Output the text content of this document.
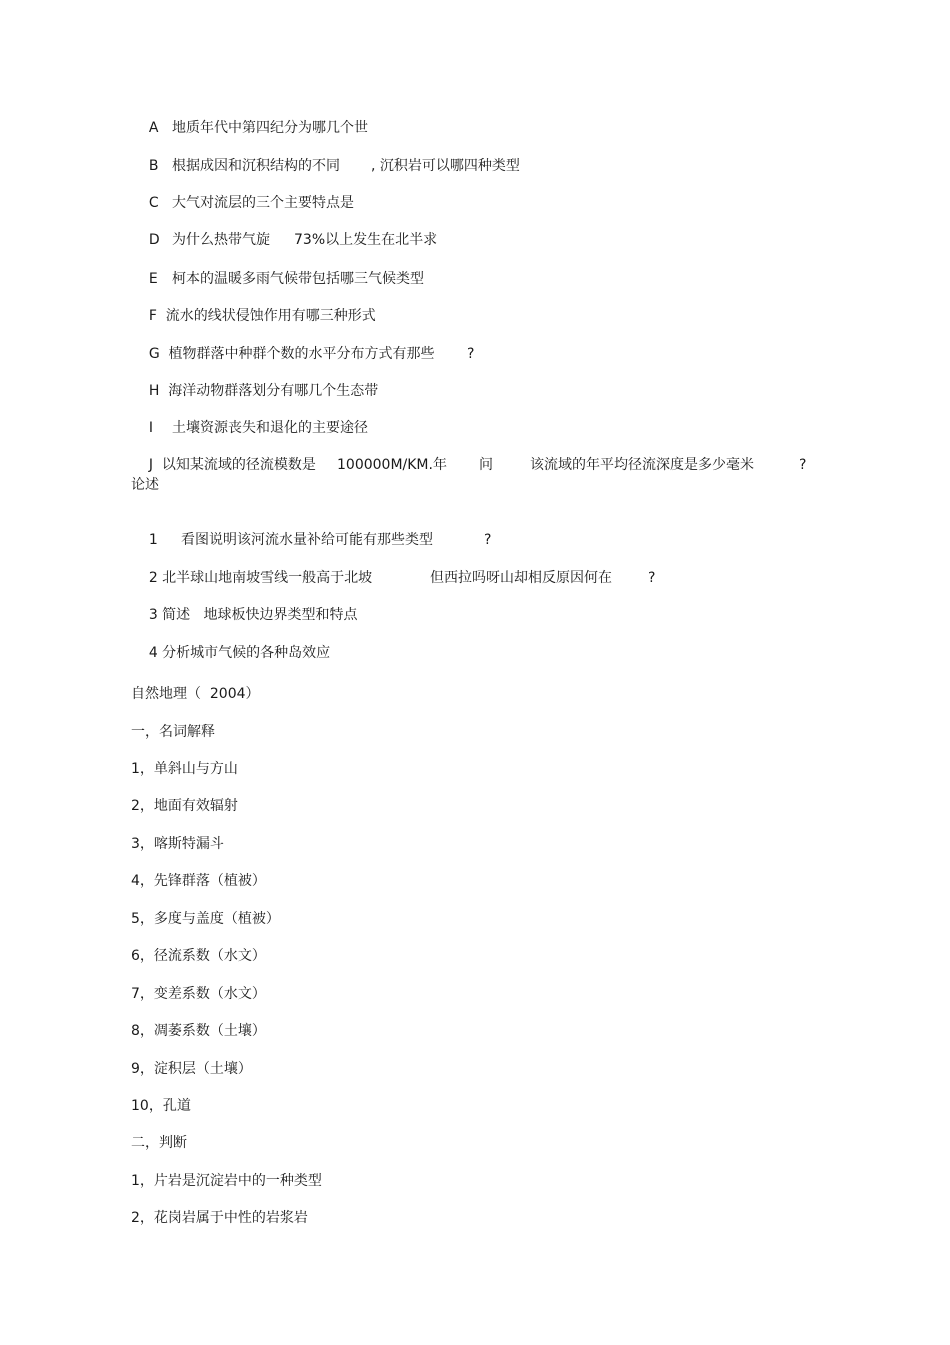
A 地质年代中第四纪分为哪几个世

B 根据成因和沉积结构的不同 , 沉积岩可以哪四种类型

C 大气对流层的三个主要特点是

D 为什么热带气旋 73%以上发生在北半求

E 柯本的温暖多雨气候带包括哪三气候类型

F  流水的线状侵蚀作用有哪三种形式

G  植物群落中种群个数的水平分布方式有那些 ?

H  海洋动物群落划分有哪几个生态带

I 土壤资源丧失和退化的主要途径

J  以知某流域的径流模数是 100000M/KM.年 问	该流域的年平均径流深度是多少毫米	?

论述

1 看图说明该河流水量补给可能有那些类型	?

2 北半球山地南坡雪线一般高于北坡	但西拉吗呀山却相反原因何在	?

3 简述   地球板快边界类型和特点

4 分析城市气候的各种岛效应

自然地理（  2004）
一，名词解释
1，单斜山与方山
2，地面有效辐射
3，喀斯特漏斗
4，先锋群落（植被）
5，多度与盖度（植被）
6，径流系数（水文）
7，变差系数（水文）
8，凋萎系数（土壤）
9，淀积层（土壤）
10，孔道
二，判断
1，片岩是沉淀岩中的一种类型
2，花岗岩属于中性的岩浆岩
